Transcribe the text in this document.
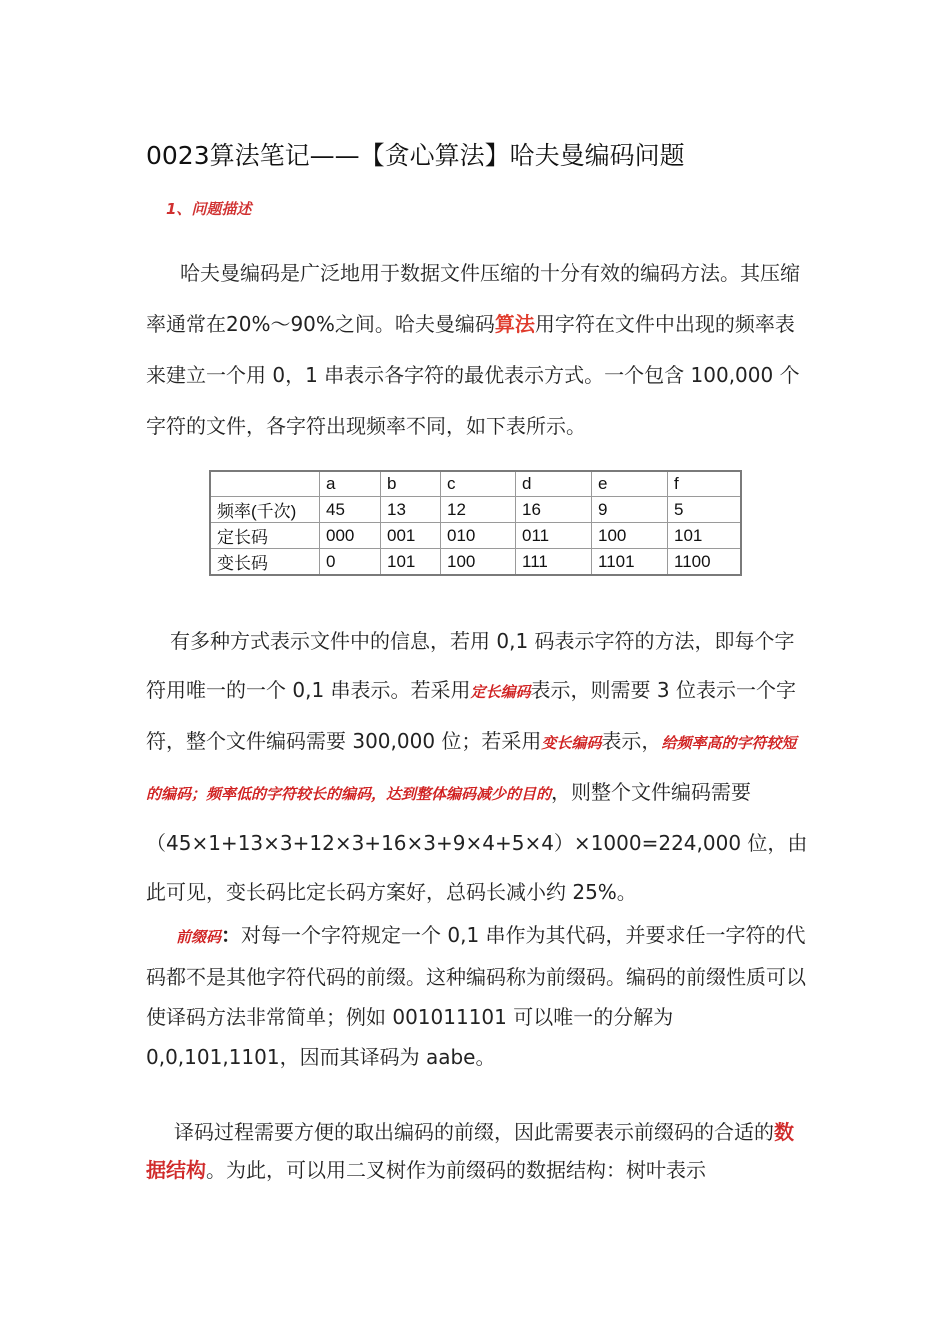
0023算法笔记——【贪心算法】哈夫曼编码问题
1、问题描述

哈夫曼编码是广泛地用于数据文件压缩的十分有效的编码方法。其压缩率通常在20%～90%之间。哈夫曼编码算法用字符在文件中出现的频率表来建立一个用 0，1 串表示各字符的最优表示方式。一个包含 100,000 个字符的文件，各字符出现频率不同，如下表所示。

	a	b	c	d	e	f
频率(千次)	45	13	12	16	9	5
定长码	000	001	010	011	100	101
变长码	0	101	100	111	1101	1100

有多种方式表示文件中的信息，若用 0,1 码表示字符的方法，即每个字符用唯一的一个 0,1 串表示。若采用定长编码表示，则需要 3 位表示一个字符，整个文件编码需要 300,000 位；若采用变长编码表示，给频率高的字符较短的编码；频率低的字符较长的编码，达到整体编码减少的目的，则整个文件编码需要（45×1+13×3+12×3+16×3+9×4+5×4）×1000=224,000 位，由此可见，变长码比定长码方案好，总码长减小约 25%。

前缀码：对每一个字符规定一个 0,1 串作为其代码，并要求任一字符的代码都不是其他字符代码的前缀。这种编码称为前缀码。编码的前缀性质可以使译码方法非常简单；例如 001011101 可以唯一的分解为 0,0,101,1101，因而其译码为 aabe。

译码过程需要方便的取出编码的前缀，因此需要表示前缀码的合适的数据结构。为此，可以用二叉树作为前缀码的数据结构：树叶表示
